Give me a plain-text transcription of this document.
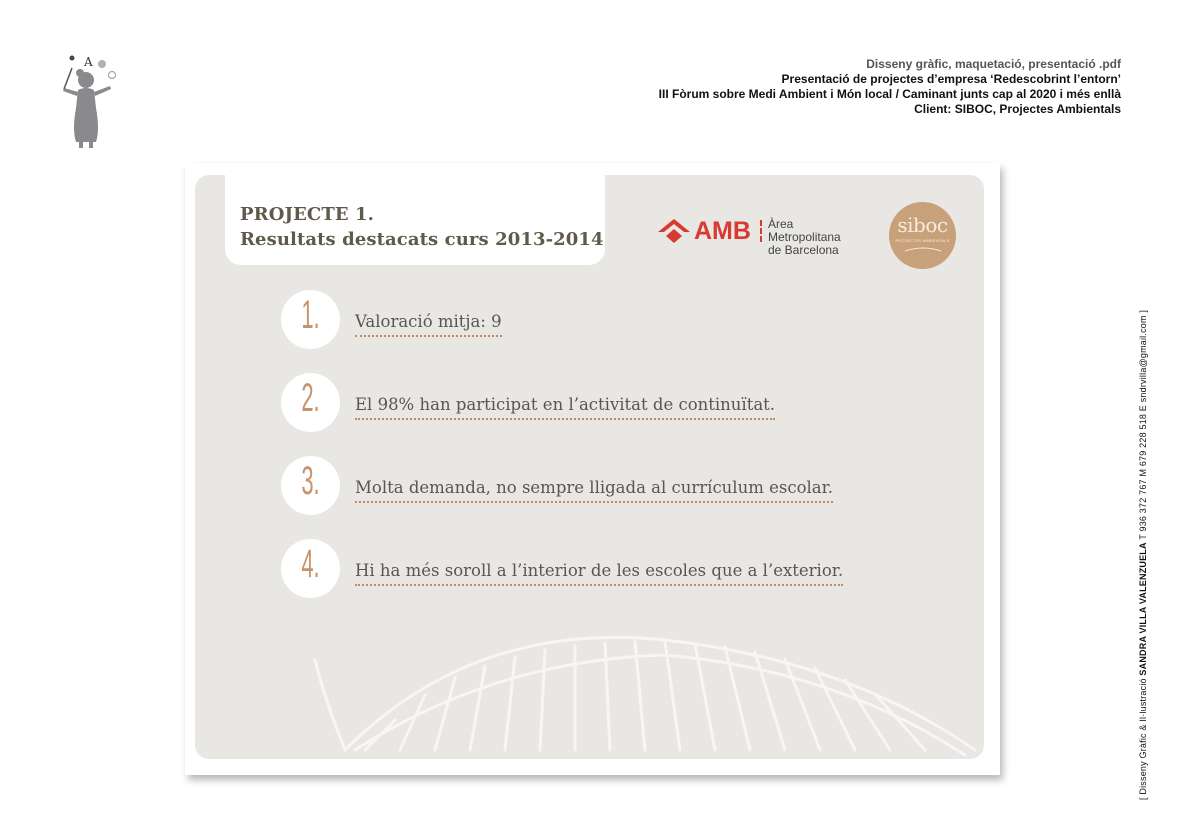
A	Disseny gràfic, maquetació, presentació .pdf
Presentació de projectes d’empresa ‘Redescobrint l’entorn’
III Fòrum sobre Medi Ambient i Món local / Caminant junts cap al 2020 i més enllà
Client: SIBOC, Projectes Ambientals
[ Disseny Gràfic & Il·lustració SANDRA VILLA VALENZUELA T 936 372 767 M 679 228 518 E sndrvilla@gmail.com ]
PROJECTE 1.
Resultats destacats curs 2013-2014	AMB Àrea Metropolitana
de Barcelona
siboc
PROJECTES AMBIENTALS
1.	Valoració mitja: 9
2.	El 98% han participat en l’activitat de continuïtat.
3.	Molta demanda, no sempre lligada al currículum escolar.
4.	Hi ha més soroll a l’interior de les escoles que a l’exterior.
